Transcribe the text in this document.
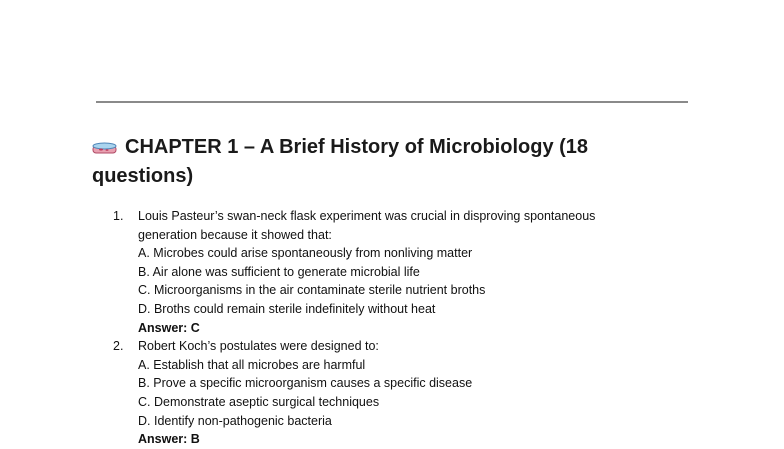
CHAPTER 1 – A Brief History of Microbiology (18
questions)
1. Louis Pasteur’s swan-neck flask experiment was crucial in disproving spontaneous
generation because it showed that:
A. Microbes could arise spontaneously from nonliving matter
B. Air alone was sufficient to generate microbial life
C. Microorganisms in the air contaminate sterile nutrient broths
D. Broths could remain sterile indefinitely without heat
Answer: C
2. Robert Koch’s postulates were designed to:
A. Establish that all microbes are harmful
B. Prove a specific microorganism causes a specific disease
C. Demonstrate aseptic surgical techniques
D. Identify non-pathogenic bacteria
Answer: B
